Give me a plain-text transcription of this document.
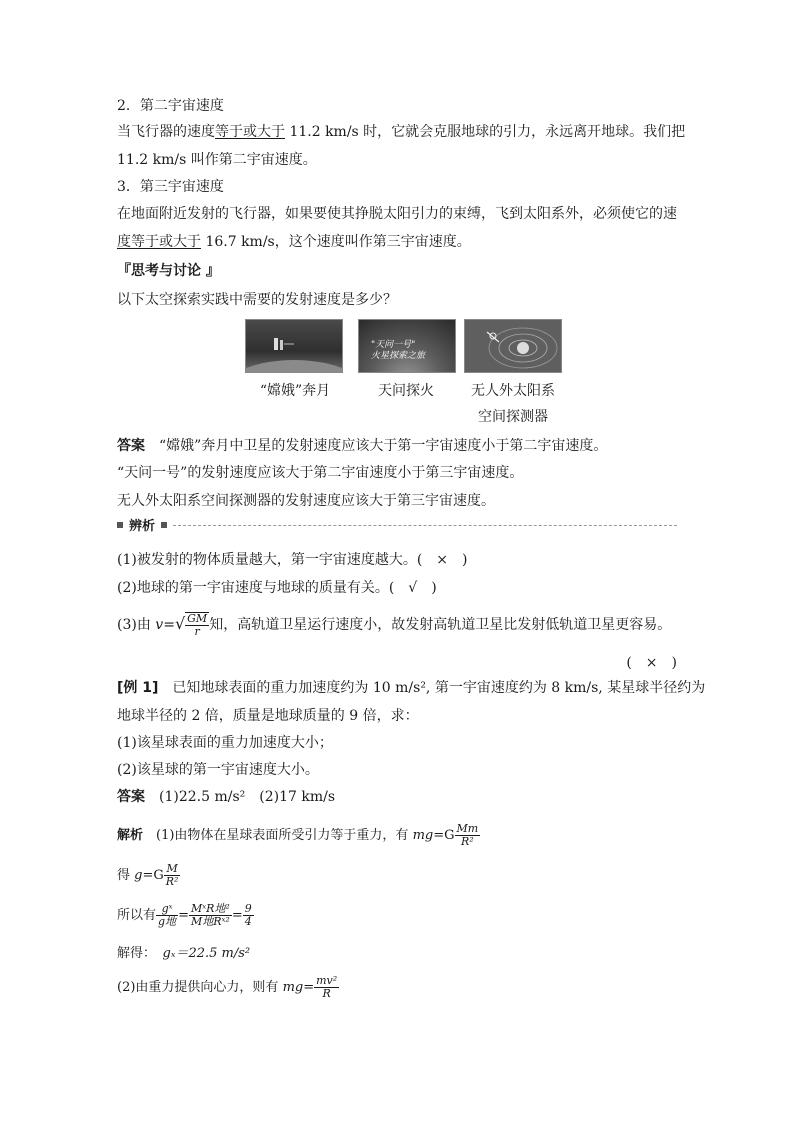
2．第二宇宙速度
当飞行器的速度等于或大于 11.2 km/s 时，它就会克服地球的引力，永远离开地球。我们把
11.2 km/s 叫作第二宇宙速度。
3．第三宇宙速度
在地面附近发射的飞行器，如果要使其挣脱太阳引力的束缚，飞到太阳系外，必须使它的速
度等于或大于 16.7 km/s，这个速度叫作第三宇宙速度。
『思考与讨论 』
以下太空探索实践中需要的发射速度是多少？
"天问一号"
火星探索之旅
“嫦娥”奔月	天问探火	无人外太阳系
空间探测器
答案　 “嫦娥”奔月中卫星的发射速度应该大于第一宇宙速度小于第二宇宙速度。
“天问一号”的发射速度应该大于第二宇宙速度小于第三宇宙速度。
无人外太阳系空间探测器的发射速度应该大于第三宇宙速度。
辨析
(1)被发射的物体质量越大，第一宇宙速度越大。(　×　)
(2)地球的第一宇宙速度与地球的质量有关。(　√　)
(3)由 $v=√ \frac{GM}{r}$ 知，高轨道卫星运行速度小，故发射高轨道卫星比发射低轨道卫星更容易。
(　×　)
[例 1]　已知地球表面的重力加速度约为 10 m/s², 第一宇宙速度约为 8 km/s, 某星球半径约为
地球半径的 2 倍，质量是地球质量的 9 倍，求：
(1)该星球表面的重力加速度大小；
(2)该星球的第一宇宙速度大小。
答案　(1)22.5 m/s²　(2)17 km/s
解析　(1)由物体在星球表面所受引力等于重力，有 $mg=G \frac{Mm}{\text{R²}}$
得 $g=G \frac{M}{\text{R²}}$
所以有 $\frac{\text{gˣ}}{\text{g地}} = \frac{\text{MˣR地²}}{\text{M地Rˣ²}} = \frac{9}{4}$
解得：　gₓ＝22.5 m/s²
(2)由重力提供向心力，则有 $mg= \frac{\text{mv²}}{R}$
